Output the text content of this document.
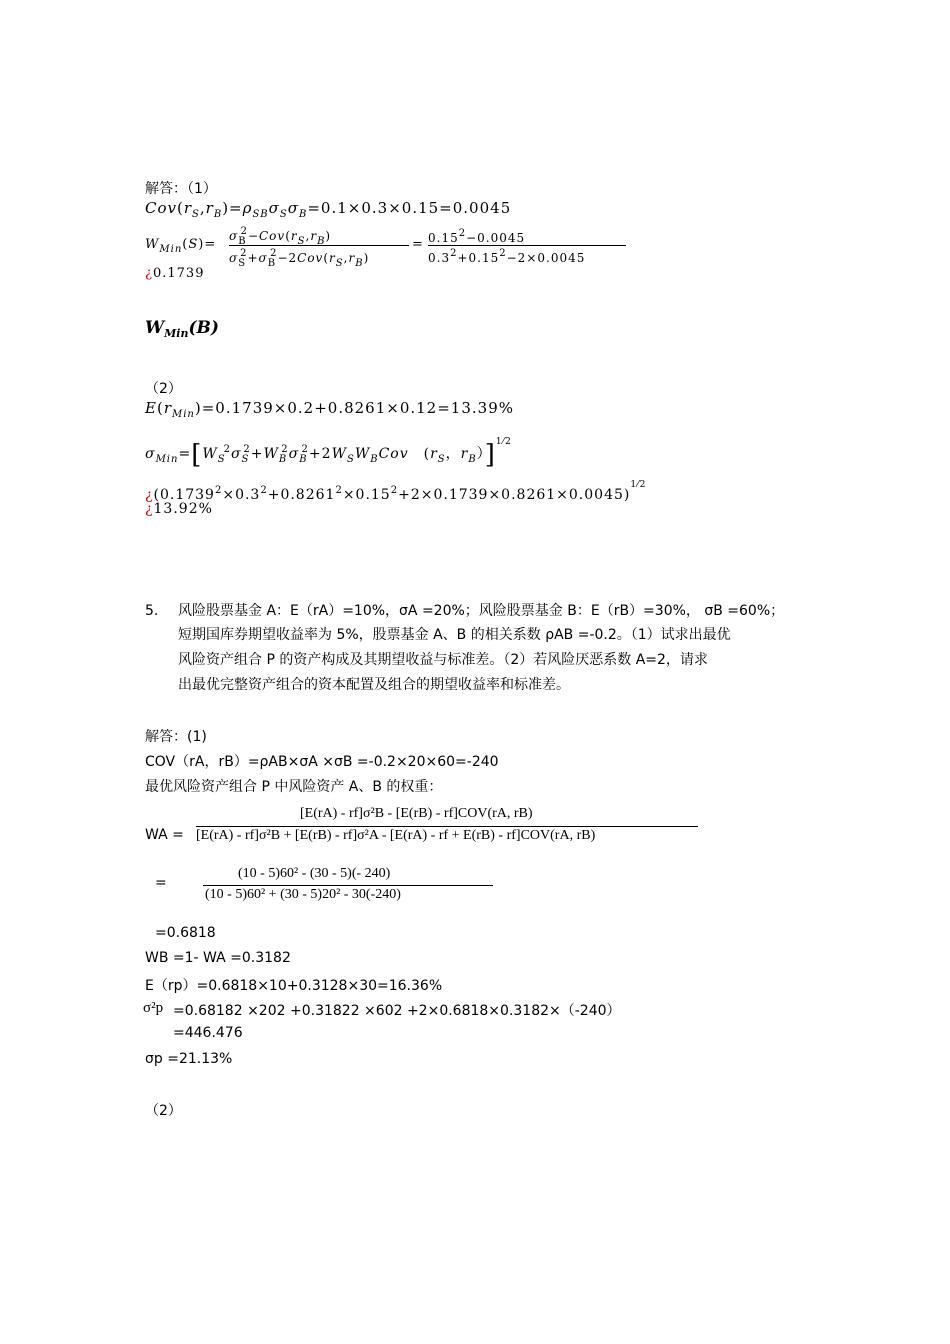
解答：（1）
$Cov(r_S,r_B)=\rho_{SB}\sigma_S\sigma_B=0.1\times 0.3\times 0.15=0.0045$
$W_{Min}(S)=$
$\sigma_B^2-Cov(r_S,r_B)$
$\sigma_S^2+\sigma_B^2-2Cov(r_S,r_B)$
= $0.15^2-0.0045$
$0.3^2+0.15^2-2\times 0.0045$
¿0.1739
$W_{Min}(B)$
（2）
$E(r_{Min})=0.1739\times 0.2+0.8261\times 0.12=13.39\%$
$\sigma_{Min}=[W_S^2\sigma_S^2+W_B^2\sigma_B^2+2W_SW_BCov$　($r_S$，$r_B)]^{1⁄2}$
¿$(0.1739^2\times 0.3^2+0.8261^2\times 0.15^2+2\times 0.1739\times 0.8261\times 0.0045)^{1⁄2}$
¿13.92%
5. 风险股票基金 A：E（rA）=10%，σA =20%；风险股票基金 B：E（rB）=30%， σB =60%；
短期国库券期望收益率为 5%，股票基金 A、B 的相关系数 ρAB =-0.2。（1）试求出最优
风险资产组合 P 的资产构成及其期望收益与标准差。（2）若风险厌恶系数 A=2，请求
出最优完整资产组合的资本配置及组合的期望收益率和标准差。
解答：(1)
COV（rA，rB）=ρAB×σA ×σB =-0.2×20×60=-240
最优风险资产组合 P 中风险资产 A、B 的权重：
WA =
[E(rA) - rf]σ²B - [E(rB) - rf]COV(rA, rB)
[E(rA) - rf]σ²B + [E(rB) - rf]σ²A - [E(rA) - rf + E(rB) - rf]COV(rA, rB)
=
(10 - 5)60² - (30 - 5)(- 240)
(10 - 5)60² + (30 - 5)20² - 30(-240)
=0.6818
WB =1- WA =0.3182
E（rp）=0.6818×10+0.3128×30=16.36%
σ²p =0.68182 ×202 +0.31822 ×602 +2×0.6818×0.3182×（-240）
=446.476
σp =21.13%
（2）
